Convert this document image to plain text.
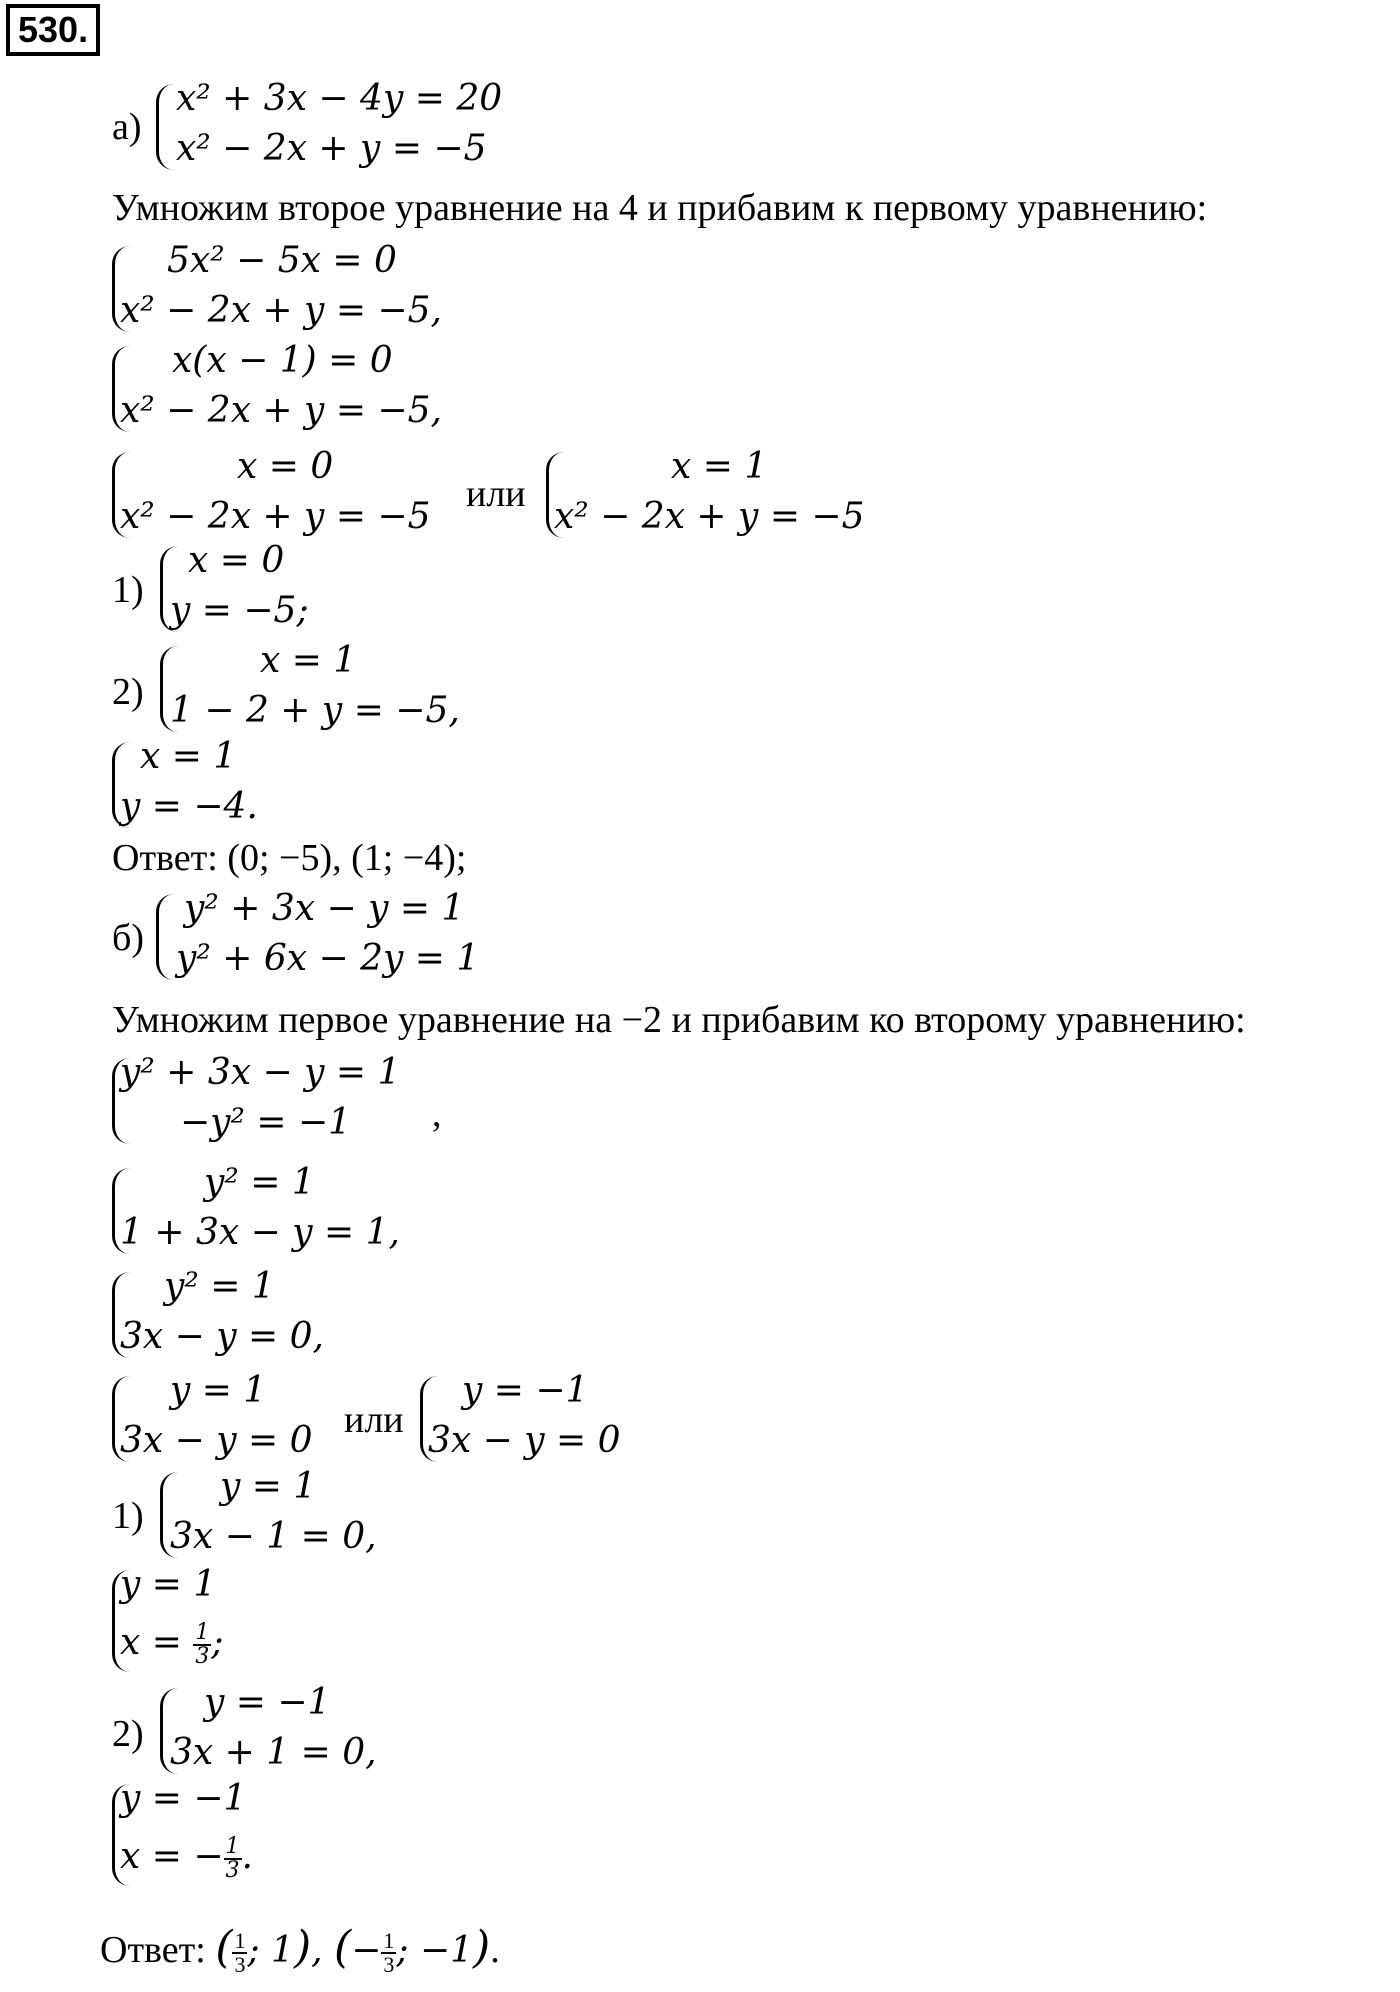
530.
а)
x² + 3x − 4y = 20
x² − 2x + y = −5
Умножим второе уравнение на 4 и прибавим к первому уравнению:
5x² − 5x = 0
x² − 2x + y = −5,
x(x − 1) = 0
x² − 2x + y = −5,
x = 0
x² − 2x + y = −5
или
x = 1
x² − 2x + y = −5
1)
x = 0
y = −5;
2)
x = 1
1 − 2 + y = −5,
x = 1
y = −4.
Ответ: (0; −5), (1; −4);
б)
y² + 3x − y = 1
y² + 6x − 2y = 1
Умножим первое уравнение на −2 и прибавим ко второму уравнению:
y² + 3x − y = 1
−y² = −1 ,
y² = 1
1 + 3x − y = 1,
y² = 1
3x − y = 0,
y = 1
3x − y = 0 или
y = −1
3x − y = 0
1)
y = 1
3x − 1 = 0,
y = 1
$x = \frac{1}{3}$ ;
2)
y = −1
3x + 1 = 0,
y = −1
x = − $\frac{1}{3}$ .
Ответ: ( $\frac{1}{3}$ ; 1), (− $\frac{1}{3}$ ; −1).
